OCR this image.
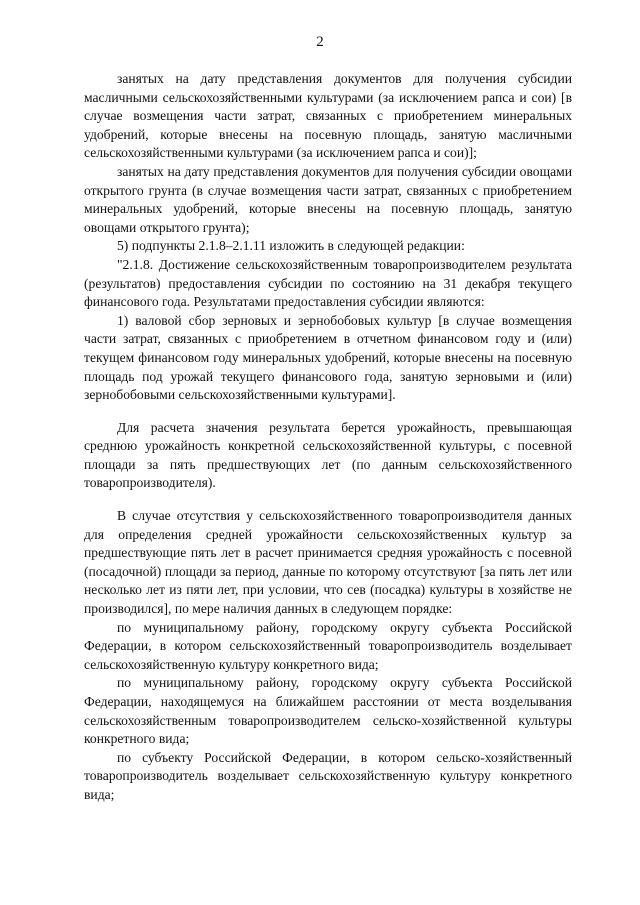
2

занятых на дату представления документов для получения субсидии масличными сельскохозяйственными культурами (за исключением рапса и сои) [в случае возмещения части затрат, связанных с приобретением минеральных удобрений, которые внесены на посевную площадь, занятую масличными сельскохозяйственными культурами (за исключением рапса и сои)];

занятых на дату представления документов для получения субсидии овощами открытого грунта (в случае возмещения части затрат, связанных с приобретением минеральных удобрений, которые внесены на посевную площадь, занятую овощами открытого грунта);

5) подпункты 2.1.8–2.1.11 изложить в следующей редакции:

"2.1.8. Достижение сельскохозяйственным товаропроизводителем результата (результатов) предоставления субсидии по состоянию на 31 декабря текущего финансового года. Результатами предоставления субсидии являются:

1) валовой сбор зерновых и зернобобовых культур [в случае возмещения части затрат, связанных с приобретением в отчетном финансовом году и (или) текущем финансовом году минеральных удобрений, которые внесены на посевную площадь под урожай текущего финансового года, занятую зерновыми и (или) зернобобовыми сельскохозяйственными культурами].

Для расчета значения результата берется урожайность, превышающая среднюю урожайность конкретной сельскохозяйственной культуры, с посевной площади за пять предшествующих лет (по данным сельскохозяйственного товаропроизводителя).

В случае отсутствия у сельскохозяйственного товаропроизводителя данных для определения средней урожайности сельскохозяйственных культур за предшествующие пять лет в расчет принимается средняя урожайность с посевной (посадочной) площади за период, данные по которому отсутствуют [за пять лет или несколько лет из пяти лет, при условии, что сев (посадка) культуры в хозяйстве не производился], по мере наличия данных в следующем порядке:

по муниципальному району, городскому округу субъекта Российской Федерации, в котором сельскохозяйственный товаропроизводитель возделывает сельскохозяйственную культуру конкретного вида;

по муниципальному району, городскому округу субъекта Российской Федерации, находящемуся на ближайшем расстоянии от места возделывания сельскохозяйственным товаропроизводителем сельско-хозяйственной культуры конкретного вида;

по субъекту Российской Федерации, в котором сельско-хозяйственный товаропроизводитель возделывает сельскохозяйственную культуру конкретного вида;
